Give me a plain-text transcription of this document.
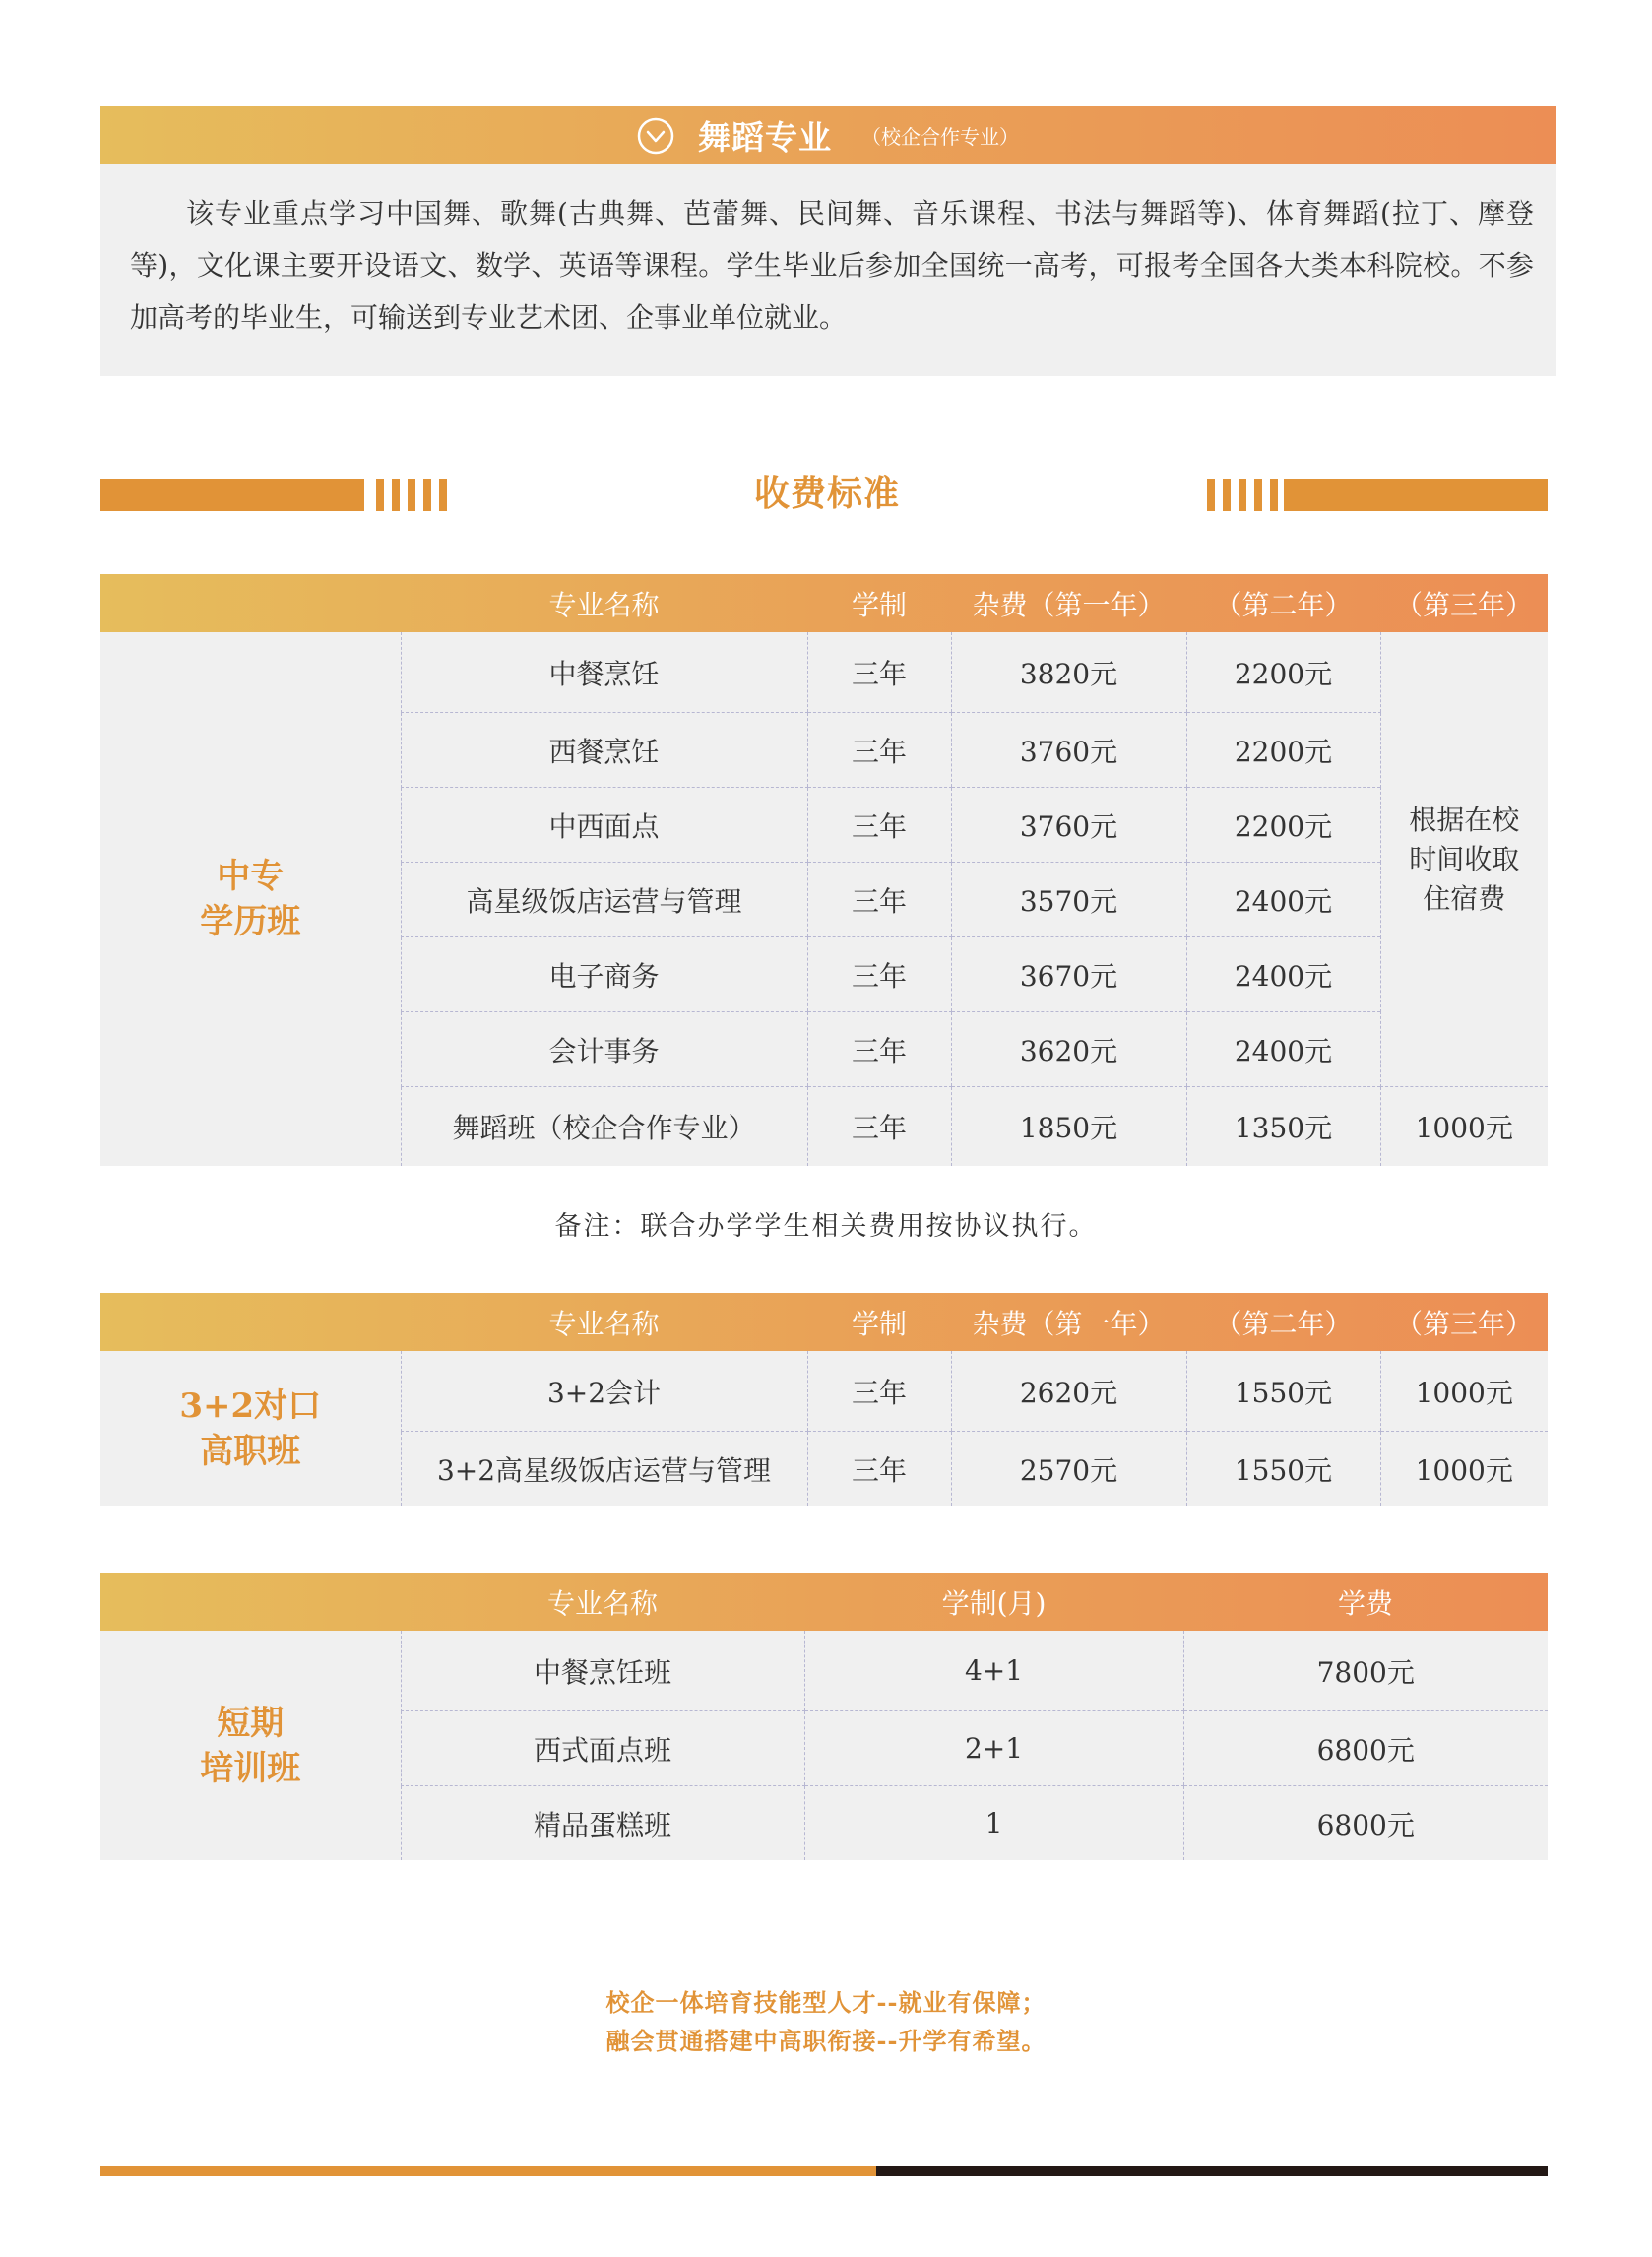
舞蹈专业 （校企合作专业）

该专业重点学习中国舞、歌舞(古典舞、芭蕾舞、民间舞、音乐课程、书法与舞蹈等)、体育舞蹈(拉丁、摩登等)，文化课主要开设语文、数学、英语等课程。学生毕业后参加全国统一高考，可报考全国各大类本科院校。不参加高考的毕业生，可输送到专业艺术团、企事业单位就业。

收费标准
	专业名称	学制	杂费（第一年）	（第二年）	（第三年）

中专
学历班	中餐烹饪	三年	3820元	2200元	根据在校
时间收取
住宿费

	西餐烹饪	三年	3760元	2200元	
	中西面点	三年	3760元	2200元	
	高星级饭店运营与管理	三年	3570元	2400元	
	电子商务	三年	3670元	2400元	
	会计事务	三年	3620元	2400元	
	舞蹈班（校企合作专业）	三年	1850元	1350元	1000元
备注：联合办学学生相关费用按协议执行。
	专业名称	学制	杂费（第一年）	（第二年）	（第三年）

3+2对口
高职班	3+2会计	三年	2620元	1550元	1000元
	3+2高星级饭店运营与管理	三年	2570元	1550元	1000元
	专业名称	学制(月)	学费

短期
培训班	中餐烹饪班	4+1	7800元
	西式面点班	2+1	6800元
	精品蛋糕班	1	6800元
校企一体培育技能型人才--就业有保障；
融会贯通搭建中高职衔接--升学有希望。
